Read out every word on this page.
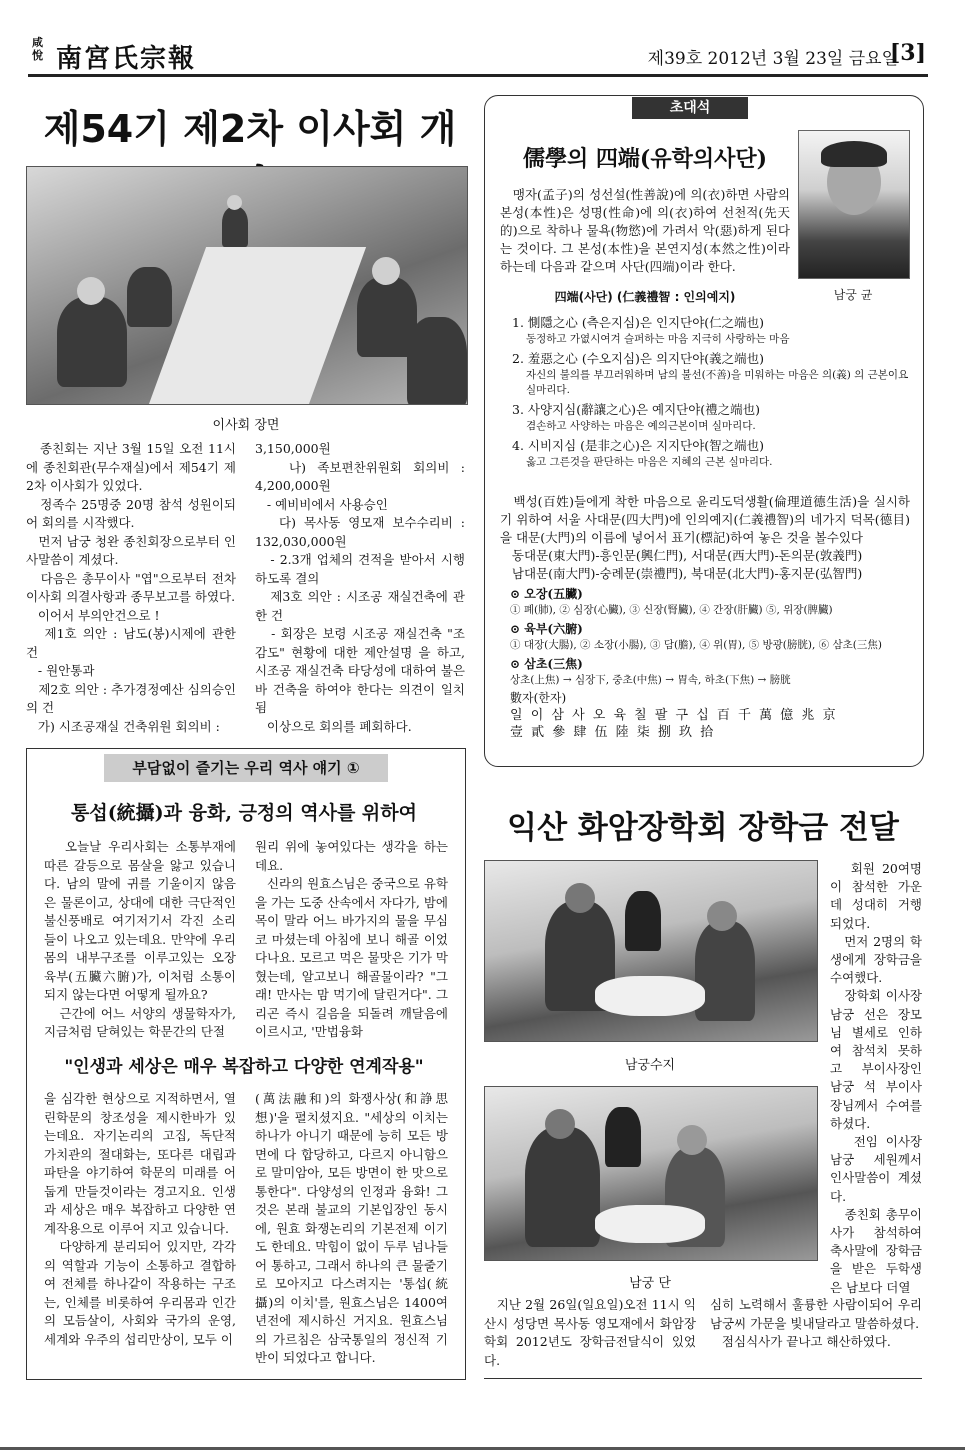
咸悅 南宮氏宗報	제39호 2012년 3월 23일 금요일
[3]
제54기 제2차 이사회 개
이사회 장면
종친회는 지난 3월 15일 오전 11시에 종친회관(무수재실)에서 제54기 제2차 이사회가 있었다.
정족수 25명중 20명 참석 성원이되어 회의를 시작했다.
먼저 남궁 청완 종친회장으로부터 인사말씀이 계셨다.
다음은 총무이사 "엽"으로부터 전차 이사회 의결사항과 종무보고를 하였다.
이어서 부의안건으로 !
제1호 의안 : 남도(봉)시제에 관한 건
- 원안통과
제2호 의안 : 추가경정예산 심의승인의 건
가) 시조공재실 건축위원 회의비 :
3,150,000원
나) 족보편찬위원회 회의비 : 4,200,000원
- 예비비에서 사용승인
다) 목사동 영모재 보수수리비 : 132,030,000원
- 2.3개 업체의 견적을 받아서 시행하도록 결의
제3호 의안 : 시조공 재실건축에 관한 건
- 회장은 보령 시조공 재실건축 "조감도" 현황에 대한 제안설명 을 하고, 시조공 재실건축 타당성에 대하여 불은바 건축을 하여야 한다는 의견이 일치됨
이상으로 회의를 폐회하다.
초대석
儒學의 四端(유학의사단)
남궁 균
맹자(孟子)의 성선설(性善說)에 의(衣)하면 사람의 본성(本性)은 성명(性命)에 의(衣)하여 선천적(先天的)으로 착하나 물욕(物慾)에 가려서 악(惡)하게 된다는 것이다. 그 본성(本性)을 본연지성(本然之性)이라 하는데 다음과 같으며 사단(四端)이라 한다.
四端(사단) (仁義禮智 : 인의예지)
1. 惻隱之心 (측은지심)은 인지단야(仁之端也)
동정하고 가엾시여겨 슬퍼하는 마음 지극히 사랑하는 마음
2. 羞惡之心 (수오지심)은 의지단야(義之端也)
자신의 불의를 부끄러워하며 남의 불선(不善)을 미워하는 마음은 의(義) 의 근본이요 실마리다.
3. 사양지심(辭讓之心)은 예지단야(禮之端也)
겸손하고 사양하는 마음은 예의근본이며 실마리다.
4. 시비지심 (是非之心)은 지지단야(智之端也)
옳고 그른것을 판단하는 마음은 지혜의 근본 실마리다.
백성(百姓)들에게 착한 마음으로 윤리도덕생활(倫理道德生活)을 실시하기 위하여 서울 사대문(四大門)에 인의예지(仁義禮智)의 네가지 덕목(德目)을 대문(大門)의 이름에 넣어서 표기(標記)하여 놓은 것을 볼수있다
동대문(東大門)-흥인문(興仁門), 서대문(西大門)-돈의문(敦義門)
남대문(南大門)-숭례문(崇禮門), 북대문(北大門)-홍지문(弘智門)
⊙ 오장(五臟)
① 폐(肺), ② 심장(心臟), ③ 신장(腎臟), ④ 간장(肝臟) ⑤, 위장(脾臟)
⊙ 육부(六腑)
① 대장(大腸), ② 소장(小腸), ③ 담(膽), ④ 위(胃), ⑤ 방광(膀胱), ⑥ 삼초(三焦)
⊙ 삼초(三焦)
상초(上焦) → 심장下, 중초(中焦) → 胃속, 하초(下焦) → 膀胱
數자(한자)
일 이 삼 사 오 육 칠 팔 구 십 百 千 萬 億 兆 京
壹 貳 參 肆 伍 陸 柒 捌 玖 拾
부담없이 즐기는 우리 역사 얘기 ①
통섭(統攝)과 융화, 긍정의 역사를 위하여
오늘날 우리사회는 소통부재에 따른 갈등으로 몸살을 앓고 있습니다. 남의 말에 귀를 기울이지 않음은 물론이고, 상대에 대한 극단적인 불신풍배로 여기저기서 각진 소리들이 나오고 있는데요. 만약에 우리 몸의 내부구조를 이루고있는 오장육부(五臟六腑)가, 이처럼 소통이 되지 않는다면 어떻게 될까요?
근간에 어느 서양의 생물학자가, 지금처럼 닫혀있는 학문간의 단절
원리 위에 놓여있다는 생각을 하는데요.
신라의 원효스님은 중국으로 유학을 가는 도중 산속에서 자다가, 밤에 목이 말라 어느 바가지의 물을 무심코 마셨는데 아침에 보니 해골 이었다나요. 모르고 먹은 물맛은 기가 막혔는데, 알고보니 해골물이라? "그래! 만사는 맘 먹기에 달린거다". 그리곤 즉시 길음을 되돌려 깨달음에 이르시고, '만법융화
"인생과 세상은 매우 복잡하고 다양한 연계작용"
을 심각한 현상으로 지적하면서, 열린학문의 창조성을 제시한바가 있는데요. 자기논리의 고집, 독단적 가치관의 절대화는, 또다른 대립과 파탄을 야기하여 학문의 미래를 어둡게 만들것이라는 경고지요. 인생과 세상은 매우 복잡하고 다양한 연계작용으로 이루어 지고 있습니다.
다양하게 분리되어 있지만, 각각의 역할과 기능이 소통하고 결합하여 전체를 하나같이 작용하는 구조는, 인체를 비롯하여 우리몸과 인간의 모듬살이, 사회와 국가의 운영, 세계와 우주의 섭리만상이, 모두 이
(萬法融和)의 화쟁사상(和諍思想)'을 펼치셨지요. "세상의 이치는 하나가 아니기 때문에 능히 모든 방면에 다 합당하고, 다르지 아니함으로 말미암아, 모든 방면이 한 맛으로 통한다". 다양성의 인정과 융화! 그것은 본래 불교의 기본입장인 동시에, 원효 화쟁논리의 기본전제 이기도 한데요. 막힘이 없이 두루 넘나들어 통하고, 그래서 하나의 큰 물줄기로 모아지고 다스려지는 '통섭(統攝)의 이치'를, 원효스님은 1400여년전에 제시하신 거지요. 원효스님의 가르침은 삼국통일의 정신적 기반이 되었다고 합니다.
익산 화암장학회 장학금 전달
남궁수지
남궁 단
회원 20여명이 참석한 가운데 성대히 거행되었다.
먼저 2명의 학생에게 장학금을 수여했다.
장학회 이사장 남궁 선은 장모님 별세로 인하여 참석치 못하고 부이사장인 남궁 석 부이사장님께서 수여를 하셨다.
전임 이사장 남궁 세원께서 인사말씀이 계셨다.
종친회 총무이사가 참석하여 축사말에 장학금을 받은 두학생은 남보다 더열
지난 2월 26일(일요일)오전 11시 익산시 성당면 목사동 영모재에서 화암장학회 2012년도 장학금전달식이 있었다.
심히 노력해서 훌륭한 사람이되어 우리 남궁씨 가문을 빛내달라고 말씀하셨다.
점심식사가 끝나고 해산하였다.
